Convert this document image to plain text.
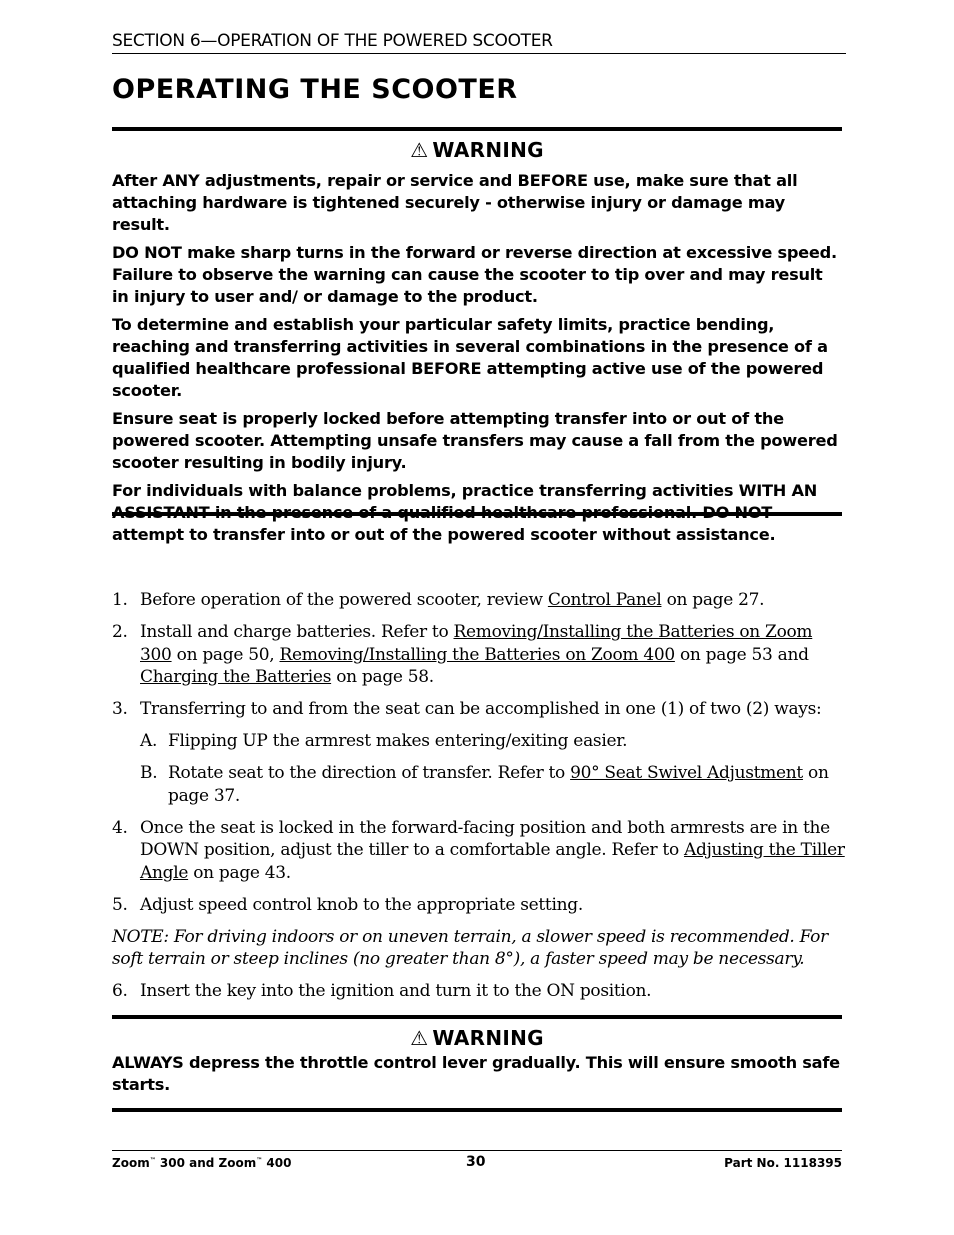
SECTION 6—OPERATION OF THE POWERED SCOOTER
OPERATING THE SCOOTER
⚠ WARNING

After ANY adjustments, repair or service and BEFORE use, make sure that all attaching hardware is tightened securely - otherwise injury or damage may result.

DO NOT make sharp turns in the forward or reverse direction at excessive speed. Failure to observe the warning can cause the scooter to tip over and may result in injury to user and/ or damage to the product.

To determine and establish your particular safety limits, practice bending, reaching and transferring activities in several combinations in the presence of a qualified healthcare professional BEFORE attempting active use of the powered scooter.

Ensure seat is properly locked before attempting transfer into or out of the powered scooter. Attempting unsafe transfers may cause a fall from the powered scooter resulting in bodily injury.

For individuals with balance problems, practice transferring activities WITH AN attempt to transfer into or out of the powered scooter without assistance.

1. Before operation of the powered scooter, review Control Panel on page 27.
2. Install and charge batteries. Refer to Removing/Installing the Batteries on Zoom 300 on page 50, Removing/Installing the Batteries on Zoom 400 on page 53 and Charging the Batteries on page 58.
3. Transferring to and from the seat can be accomplished in one (1) of two (2) ways:
A. Flipping UP the armrest makes entering/exiting easier.
B. Rotate seat to the direction of transfer. Refer to 90° Seat Swivel Adjustment on page 37.
4. Once the seat is locked in the forward-facing position and both armrests are in the DOWN position, adjust the tiller to a comfortable angle. Refer to Adjusting the Tiller Angle on page 43.
5. Adjust speed control knob to the appropriate setting.
NOTE: For driving indoors or on uneven terrain, a slower speed is recommended. For soft terrain or steep inclines (no greater than 8°), a faster speed may be necessary.
6. Insert the key into the ignition and turn it to the ON position.
⚠ WARNING

ALWAYS depress the throttle control lever gradually. This will ensure smooth safe starts.

Zoom™ 300 and Zoom™ 400	30	Part No. 1118395
